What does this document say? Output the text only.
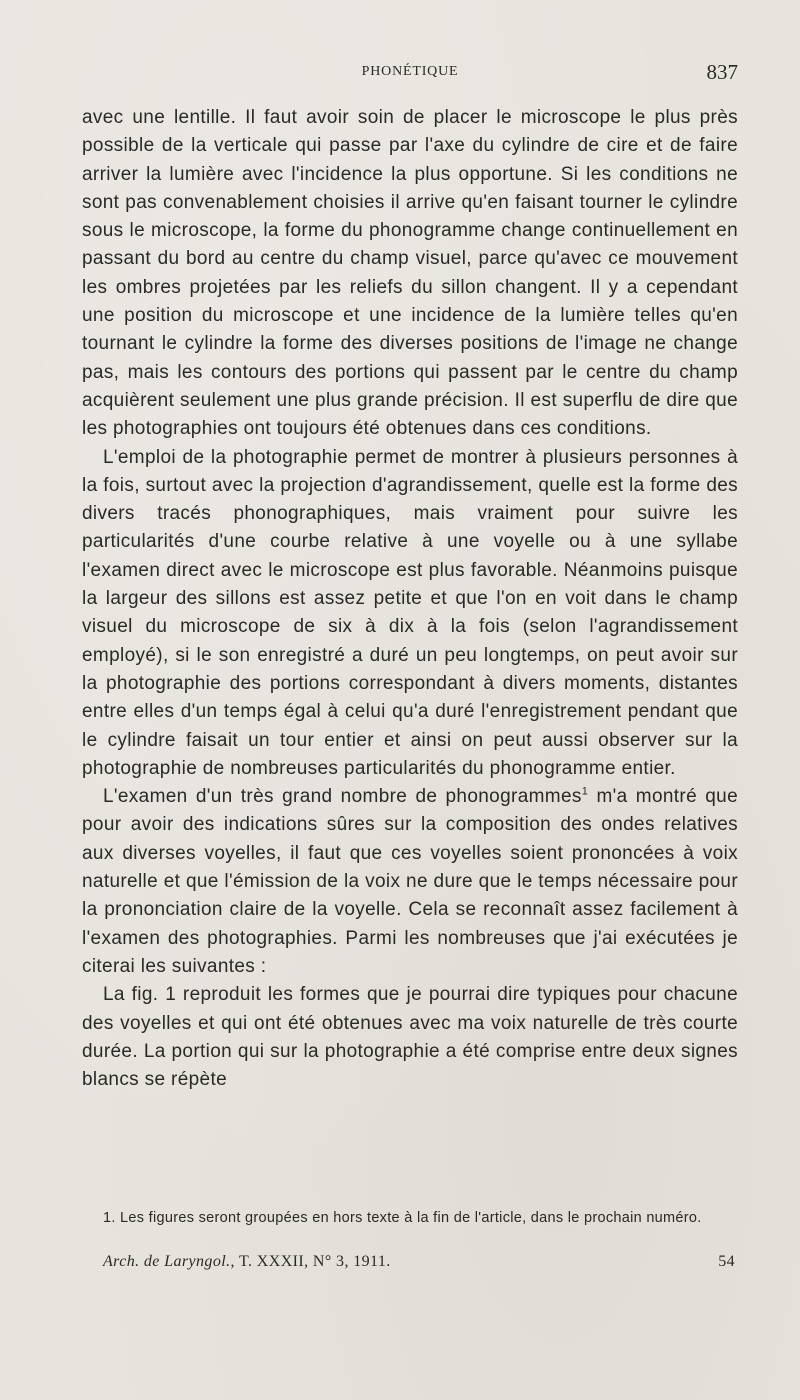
PHONÉTIQUE	837

avec une lentille. Il faut avoir soin de placer le microscope le plus près possible de la verticale qui passe par l'axe du cylindre de cire et de faire arriver la lumière avec l'incidence la plus opportune. Si les conditions ne sont pas convenablement choisies il arrive qu'en faisant tourner le cylindre sous le microscope, la forme du phonogramme change continuellement en passant du bord au centre du champ visuel, parce qu'avec ce mouvement les ombres projetées par les reliefs du sillon changent. Il y a cependant une position du microscope et une incidence de la lumière telles qu'en tournant le cylindre la forme des diverses positions de l'image ne change pas, mais les contours des portions qui passent par le centre du champ acquièrent seulement une plus grande précision. Il est superflu de dire que les photographies ont toujours été obtenues dans ces conditions.

L'emploi de la photographie permet de montrer à plusieurs personnes à la fois, surtout avec la projection d'agrandissement, quelle est la forme des divers tracés phonographiques, mais vraiment pour suivre les particularités d'une courbe relative à une voyelle ou à une syllabe l'examen direct avec le microscope est plus favorable. Néanmoins puisque la largeur des sillons est assez petite et que l'on en voit dans le champ visuel du microscope de six à dix à la fois (selon l'agrandissement employé), si le son enregistré a duré un peu longtemps, on peut avoir sur la photographie des portions correspondant à divers moments, distantes entre elles d'un temps égal à celui qu'a duré l'enregistrement pendant que le cylindre faisait un tour entier et ainsi on peut aussi observer sur la photographie de nombreuses particularités du phonogramme entier.

L'examen d'un très grand nombre de phonogrammes$^1$ m'a montré que pour avoir des indications sûres sur la composition des ondes relatives aux diverses voyelles, il faut que ces voyelles soient prononcées à voix naturelle et que l'émission de la voix ne dure que le temps nécessaire pour la prononciation claire de la voyelle. Cela se reconnaît assez facilement à l'examen des photographies. Parmi les nombreuses que j'ai exécutées je citerai les suivantes :

La fig. 1 reproduit les formes que je pourrai dire typiques pour chacune des voyelles et qui ont été obtenues avec ma voix naturelle de très courte durée. La portion qui sur la photographie a été comprise entre deux signes blancs se répète

1. Les figures seront groupées en hors texte à la fin de l'article, dans le prochain numéro.

Arch. de Laryngol., T. XXXII, N° 3, 1911.	54
